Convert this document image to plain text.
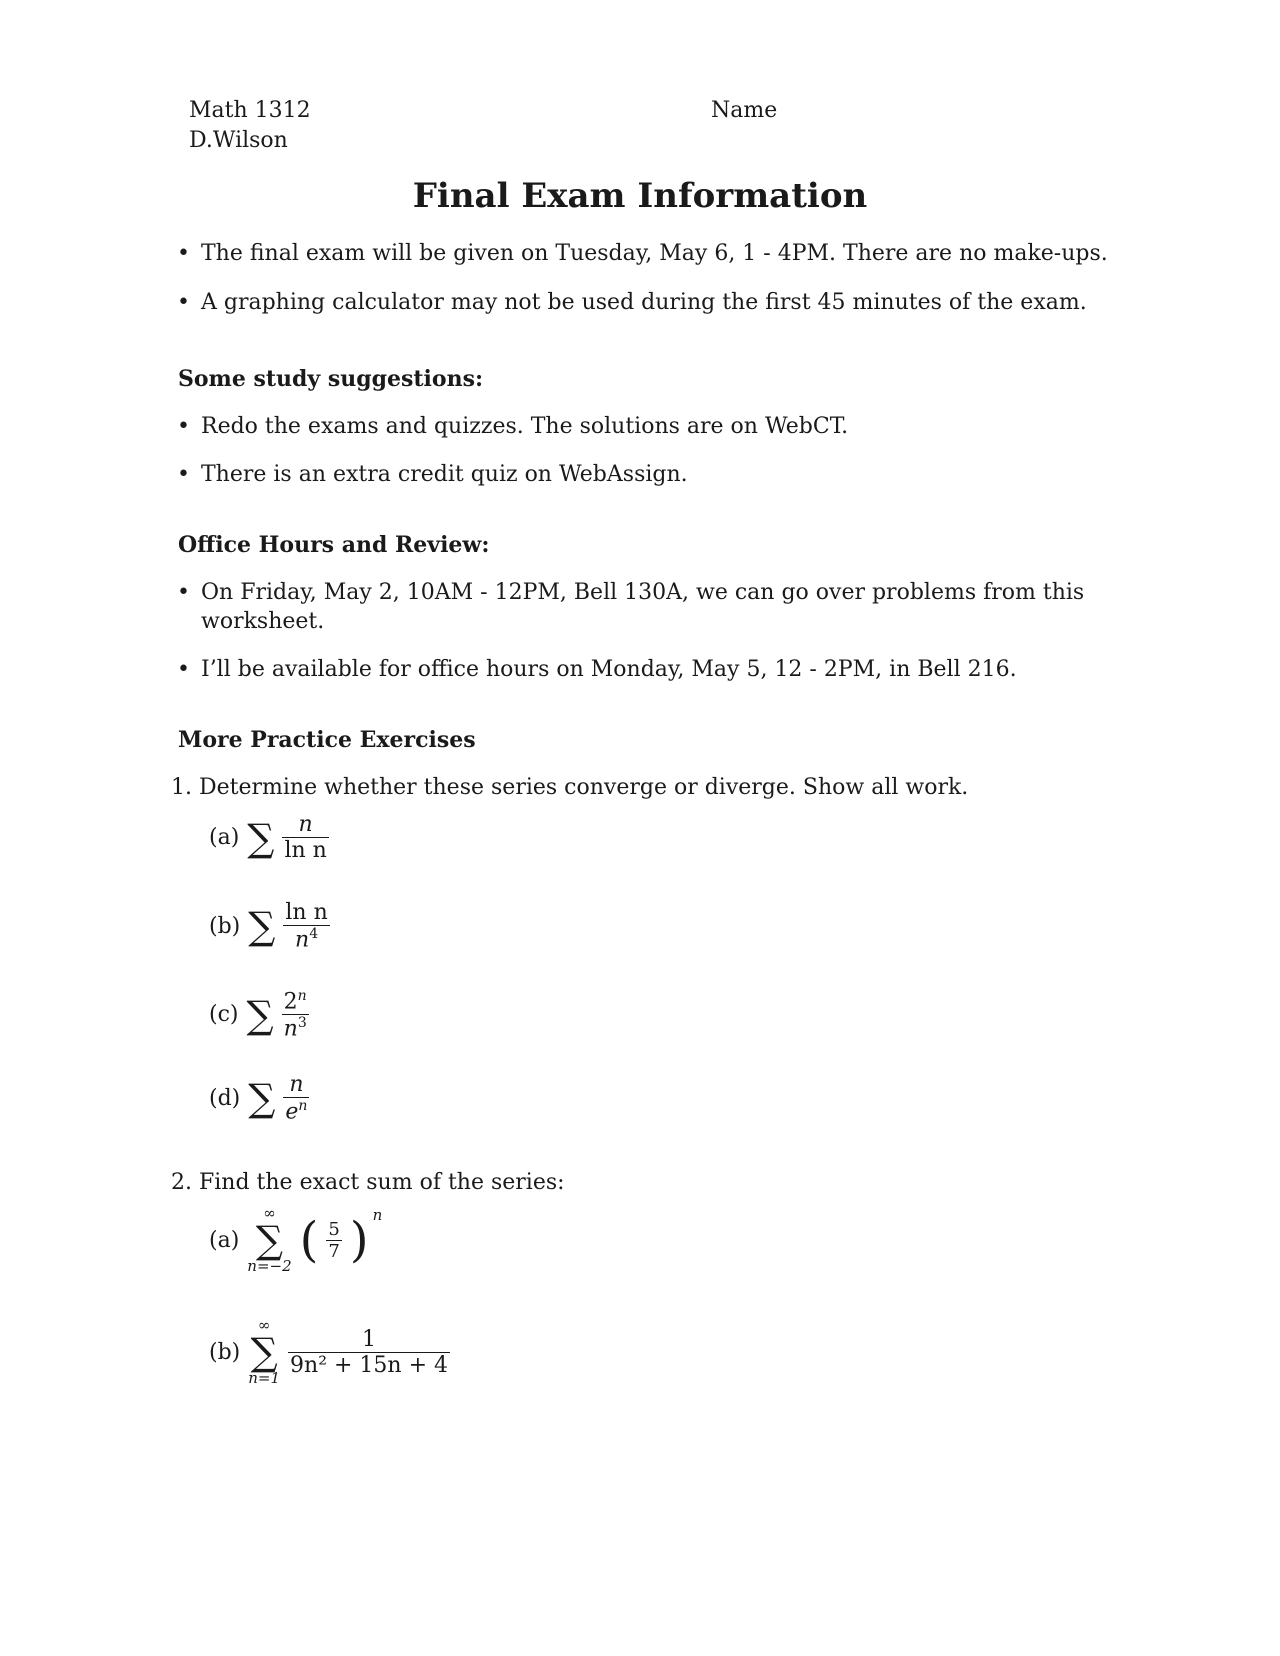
Math 1312
D.Wilson
Name
Final Exam Information
• The final exam will be given on Tuesday, May 6, 1 - 4PM. There are no make-ups.
• A graphing calculator may not be used during the first 45 minutes of the exam.
Some study suggestions:
• Redo the exams and quizzes. The solutions are on WebCT.
• There is an extra credit quiz on WebAssign.
Office Hours and Review:
• On Friday, May 2, 10AM - 12PM, Bell 130A, we can go over problems from this
worksheet.
• I’ll be available for office hours on Monday, May 5, 12 - 2PM, in Bell 216.
More Practice Exercises
1. Determine whether these series converge or diverge. Show all work.
(a) ∑ $\frac{n}{\text{ln n}}$
(b) ∑ $\frac{\text{ln n}}{n^4}$
(c) ∑ $\frac{2^n}{n^3}$
(d) ∑ $\frac{n}{e^n}$
2. Find the exact sum of the series:
(a)
∞
∑
n=−2 ( $\frac{5}{7}$ ) n
(b)
∞
∑
n=1
$\frac{1}{\text{9n² + 15n + 4}}$
